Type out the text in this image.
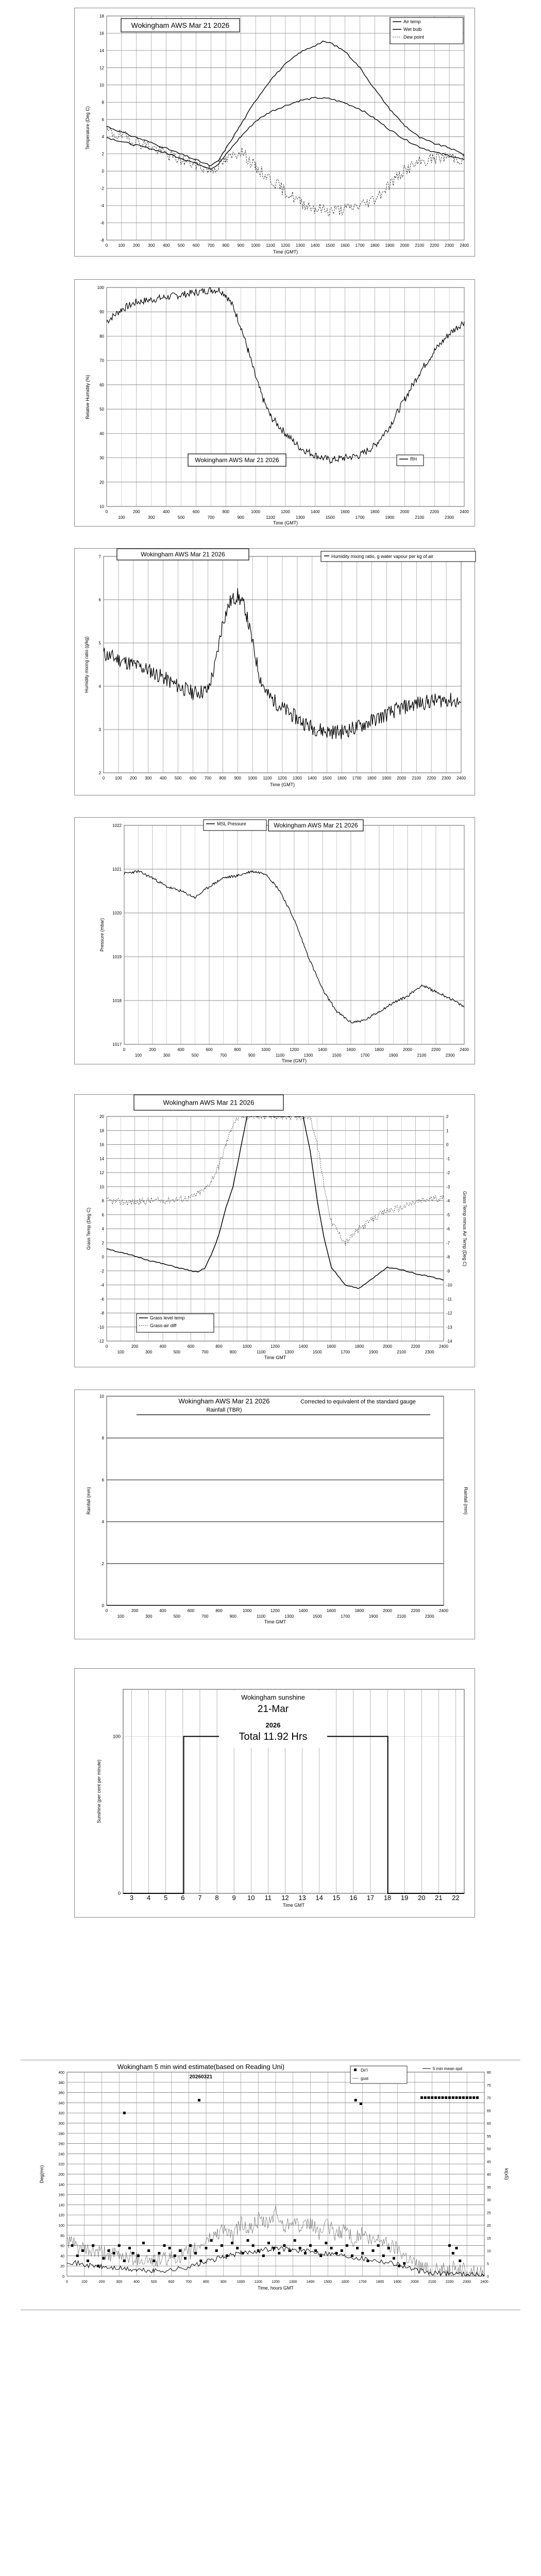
-8
-6
-4
-2
0
2
4
6
8
10
12
14
16
18
0	100 200 300 400 500 600 700 800 900 1000 1100 1200 1300 1400 1500 1600 1700 1800 1900 2000 2100 2200 2300 2400
Time (GMT)
Temperature (Deg C)
Wokingham AWS Mar 21 2026	Air temp
Wet bulb
Dew point
10
20
30
40
50
60
70
80
90
100
0	200	400	600	800	1000	1200	1400	1600	1800	2000	2200	2400
100	300	500	700	900	1100	1300	1500	1700	1900	2100	2300
Time (GMT)
Relative Humidity (%)
Wokingham AWS Mar 21 2026	RH
2
3
4
5
6
7
0	100 200 300 400 500 600 700 800 900 1000 1100 1200 1300 1400 1500 1600 1700 1800 1900 2000 2100 2200 2300 2400
Time (GMT)
Humidity mixing ratio (g/kg)
Wokingham AWS Mar 21 2026	Humidity mixing ratio, g water vapour per kg of air
1017
1018
1019
1020
1021
1022
0	200	400	600	800	1000	1200	1400	1600	1800	2000	2200	2400
100	300	500	700	900	1100	1300	1500	1700	1900	2100	2300
Time (GMT)
Pressure (mbar)
MSL Pressure	Wokingham AWS Mar 21 2026
-12
-10
-8
-6
-4
-2
0
2
4
6
8
10
12
14
16
18
20
-14
-13
-12
-11
-10
-9
-8
-7
-6
-5
-4
-3
-2
-1
0
1
2
0	200	400	600	800	1000	1200	1400	1600	1800	2000	2200	2400
100	300	500	700	900	1100	1300	1500	1700	1900	2100	2300
Time GMT
Grass Temp (Deg C)	Grass Temp minus Air Temp (Deg C)
Wokingham AWS Mar 21 2026
Grass level temp
Grass-air diff
0
2
4
6
8
10
0	200	400	600	800	1000	1200	1400	1600	1800	2000	2200	2400
100	300	500	700	900	1100	1300	1500	1700	1900	2100	2300
Time GMT
Rainfall (mm)	Rainfall (mm)
Wokingham AWS Mar 21 2026
Rainfall (TBR)
Corrected to equivalent of the standard gauge
0
100
3 4 5 6 7 8 9 10 11 12 13 14 15 16 17 18 19 20 21 22
Time GMT
Sunshine (per cent per minute)
Wokingham sunshine
21-Mar
2026
Total 11.92 Hrs
0
20
40
60
80
100
120
140
160
180
200
220
240
260
280
300
320
340
360
380
400
0
5
10
15
20
25
30
35
40
45
50
55
60
65
70
75
80
0	100	200	300	400	500	600	700	800	900	1000	1100	1200	1300	1400	1500	1600	1700	1800	1900	2000	2100	2200	2300	2400
Time, hours GMT
Deg(mn)	kt(x5)
Wokingham 5 min wind estimate(based on Reading Uni)
20260321
Dir'l
gust
5 min mean spd
